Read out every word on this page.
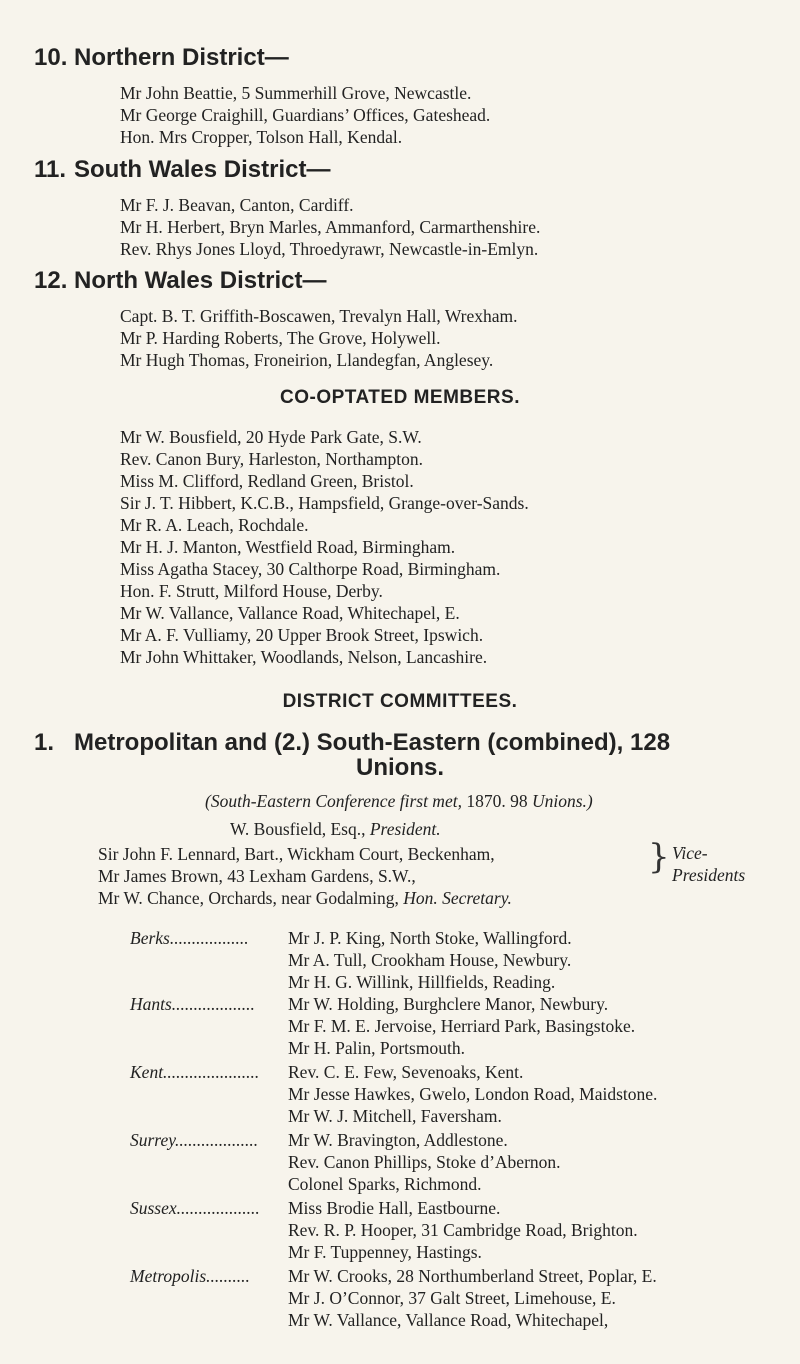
10. Northern District—
Mr John Beattie, 5 Summerhill Grove, Newcastle.
Mr George Craighill, Guardians’ Offices, Gateshead.
Hon. Mrs Cropper, Tolson Hall, Kendal.
11. South Wales District—
Mr F. J. Beavan, Canton, Cardiff.
Mr H. Herbert, Bryn Marles, Ammanford, Carmarthenshire.
Rev. Rhys Jones Lloyd, Throedyrawr, Newcastle-in-Emlyn.
12. North Wales District—
Capt. B. T. Griffith-Boscawen, Trevalyn Hall, Wrexham.
Mr P. Harding Roberts, The Grove, Holywell.
Mr Hugh Thomas, Froneirion, Llandegfan, Anglesey.
CO-OPTATED MEMBERS.
Mr W. Bousfield, 20 Hyde Park Gate, S.W.
Rev. Canon Bury, Harleston, Northampton.
Miss M. Clifford, Redland Green, Bristol.
Sir J. T. Hibbert, K.C.B., Hampsfield, Grange-over-Sands.
Mr R. A. Leach, Rochdale.
Mr H. J. Manton, Westfield Road, Birmingham.
Miss Agatha Stacey, 30 Calthorpe Road, Birmingham.
Hon. F. Strutt, Milford House, Derby.
Mr W. Vallance, Vallance Road, Whitechapel, E.
Mr A. F. Vulliamy, 20 Upper Brook Street, Ipswich.
Mr John Whittaker, Woodlands, Nelson, Lancashire.
DISTRICT COMMITTEES.
1. Metropolitan and (2.) South-Eastern (combined), 128
Unions.
(South-Eastern Conference first met, 1870. 98 Unions.)
W. Bousfield, Esq., President.
Sir John F. Lennard, Bart., Wickham Court, Beckenham,
Mr James Brown, 43 Lexham Gardens, S.W.,	} Vice-
Presidents
Mr W. Chance, Orchards, near Godalming, Hon. Secretary.
Berks.................. Mr J. P. King, North Stoke, Wallingford.
Mr A. Tull, Crookham House, Newbury.
Mr H. G. Willink, Hillfields, Reading.
Hants................... Mr W. Holding, Burghclere Manor, Newbury.
Mr F. M. E. Jervoise, Herriard Park, Basingstoke.
Mr H. Palin, Portsmouth.
Kent...................... Rev. C. E. Few, Sevenoaks, Kent.
Mr Jesse Hawkes, Gwelo, London Road, Maidstone.
Mr W. J. Mitchell, Faversham.
Surrey................... Mr W. Bravington, Addlestone.
Rev. Canon Phillips, Stoke d’Abernon.
Colonel Sparks, Richmond.
Sussex................... Miss Brodie Hall, Eastbourne.
Rev. R. P. Hooper, 31 Cambridge Road, Brighton.
Mr F. Tuppenney, Hastings.
Metropolis.......... Mr W. Crooks, 28 Northumberland Street, Poplar, E.
Mr J. O’Connor, 37 Galt Street, Limehouse, E.
Mr W. Vallance, Vallance Road, Whitechapel,
